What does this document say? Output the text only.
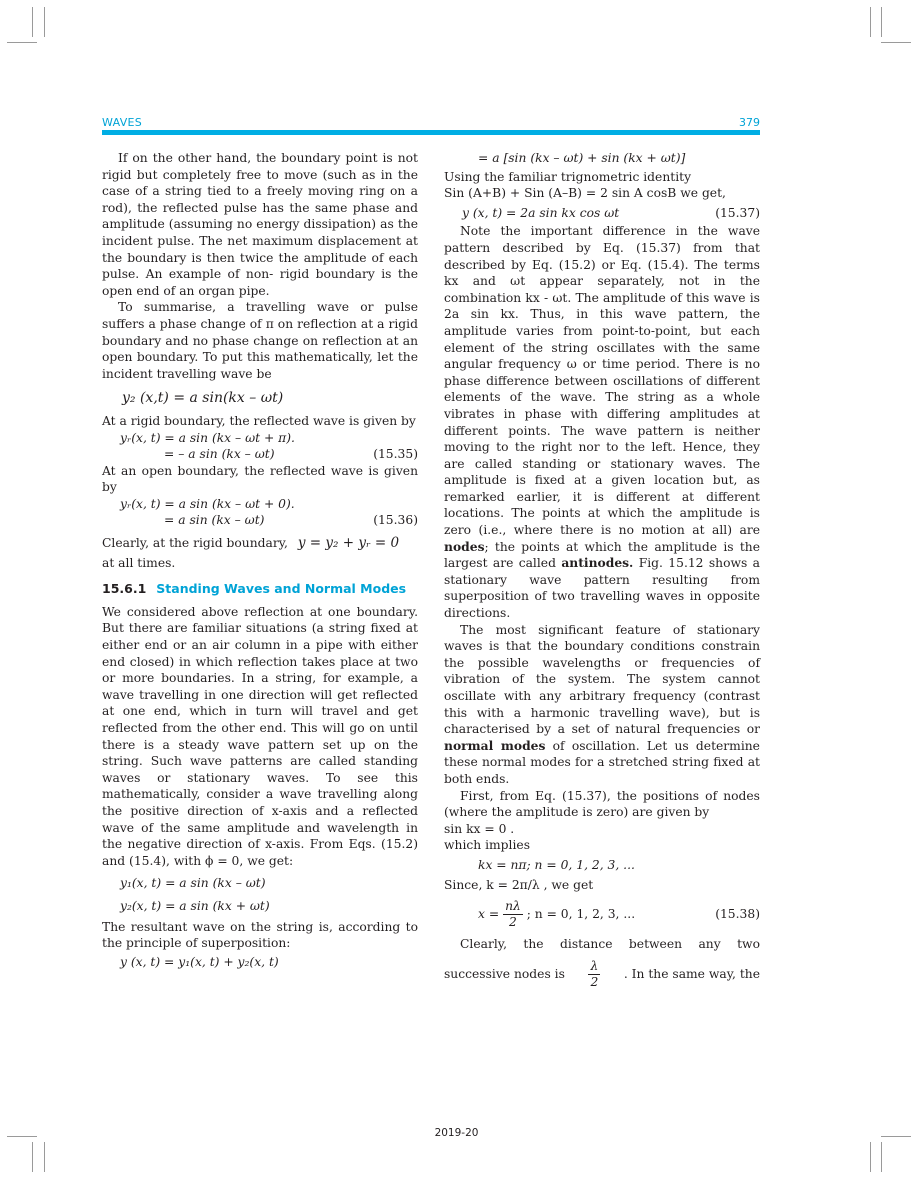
WAVES	379

If on the other hand, the boundary point is not rigid but completely free to move (such as in the case of a string tied to a freely moving ring on a rod), the reflected pulse has the same phase and amplitude (assuming no energy dissipation) as the incident pulse. The net maximum displacement at the boundary is then twice the amplitude of each pulse. An example of non- rigid boundary is the open end of an organ pipe.

To summarise, a travelling wave or pulse suffers a phase change of π on reflection at a rigid boundary and no phase change on reflection at an open boundary. To put this mathematically, let the incident travelling wave be

y₂ (x,t) = a sin(kx – ωt)

At a rigid boundary, the reflected wave is given by

yᵣ(x, t) = a sin (kx – ωt + π).
= – a sin (kx – ωt)	(15.35)

At an open boundary, the reflected wave is given by

yᵣ(x, t) = a sin (kx – ωt + 0).
= a sin (kx – ωt)	(15.36)
Clearly, at the rigid boundary, y = y₂ + yᵣ = 0
at all times.
15.6.1 Standing Waves and Normal Modes

We considered above reflection at one boundary. But there are familiar situations (a string fixed at either end or an air column in a pipe with either end closed) in which reflection takes place at two or more boundaries. In a string, for example, a wave travelling in one direction will get reflected at one end, which in turn will travel and get reflected from the other end. This will go on until there is a steady wave pattern set up on the string. Such wave patterns are called standing waves or stationary waves. To see this mathematically, consider a wave travelling along the positive direction of x-axis and a reflected wave of the same amplitude and wavelength in the negative direction of x-axis. From Eqs. (15.2) and (15.4), with ϕ = 0, we get:

y₁(x, t) = a sin (kx – ωt)
y₂(x, t) = a sin (kx + ωt)

The resultant wave on the string is, according to the principle of superposition:

y (x, t) = y₁(x, t) + y₂(x, t)
= a [sin (kx – ωt) + sin (kx + ωt)]
Using the familiar trignometric identity
Sin (A+B) + Sin (A–B) = 2 sin A cosB we get,
y (x, t) = 2a sin kx cos ωt	(15.37)

Note the important difference in the wave pattern described by Eq. (15.37) from that described by Eq. (15.2) or Eq. (15.4). The terms kx and ωt appear separately, not in the combination kx - ωt. The amplitude of this wave is 2a sin kx. Thus, in this wave pattern, the amplitude varies from point-to-point, but each element of the string oscillates with the same angular frequency ω or time period. There is no phase difference between oscillations of different elements of the wave. The string as a whole vibrates in phase with differing amplitudes at different points. The wave pattern is neither moving to the right nor to the left. Hence, they are called standing or stationary waves. The amplitude is fixed at a given location but, as remarked earlier, it is different at different locations. The points at which the amplitude is zero (i.e., where there is no motion at all) are nodes; the points at which the amplitude is the largest are called antinodes. Fig. 15.12 shows a stationary wave pattern resulting from superposition of two travelling waves in opposite directions.

The most significant feature of stationary waves is that the boundary conditions constrain the possible wavelengths or frequencies of vibration of the system. The system cannot oscillate with any arbitrary frequency (contrast this with a harmonic travelling wave), but is characterised by a set of natural frequencies or normal modes of oscillation. Let us determine these normal modes for a stretched string fixed at both ends.

First, from Eq. (15.37), the positions of nodes (where the amplitude is zero) are given by

sin kx = 0 .
which implies
kx = nπ; n = 0, 1, 2, 3, ...
Since, k = 2π/λ , we get
$x = \frac{n\lambda}{2}$ ; n = 0, 1, 2, 3, ...	(15.38)

Clearly, the distance between any two

successive nodes is $\frac{\lambda}{2}$ . In the same way, the
2019-20
